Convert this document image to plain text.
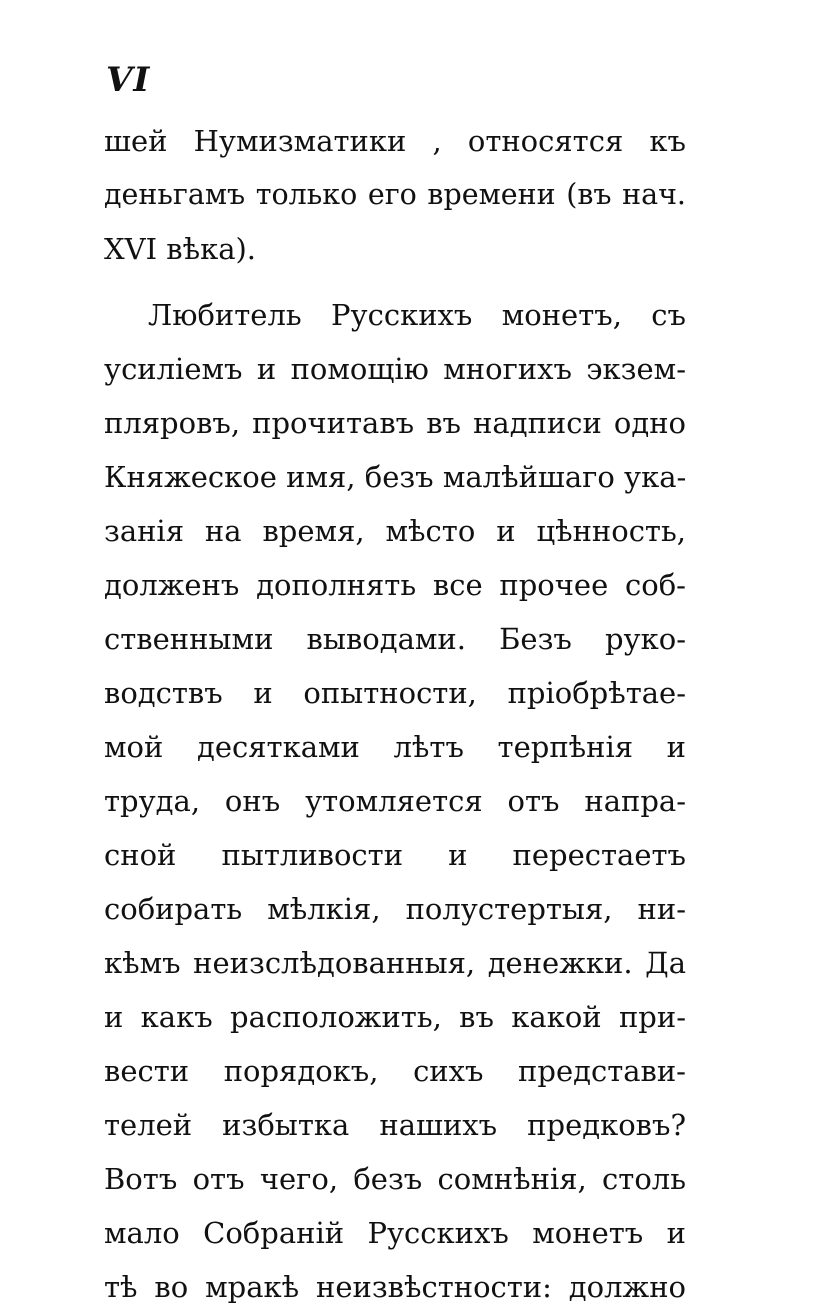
VI

шей Нумизматики , относятся къ
деньгамъ только его времени (въ нач.
XVI вѣка).
Любитель Русскихъ монетъ, съ
усиліемъ и помощію многихъ экзем-
пляровъ, прочитавъ въ надписи одно
Княжеское имя, безъ малѣйшаго ука-
занія на время, мѣсто и цѣнность,
долженъ дополнять все прочее соб-
ственными выводами. Безъ руко-
водствъ и опытности, пріобрѣтае-
мой десятками лѣтъ терпѣнія и
труда, онъ утомляется отъ напра-
сной пытливости и перестаетъ
собирать мѣлкія, полустертыя, ни-
кѣмъ неизслѣдованныя, денежки. Да
и какъ расположить, въ какой при-
вести порядокъ, сихъ представи-
телей избытка нашихъ предковъ?
Вотъ отъ чего, безъ сомнѣнія, столь
мало Собраній Русскихъ монетъ и
тѣ во мракѣ неизвѣстности: должно
